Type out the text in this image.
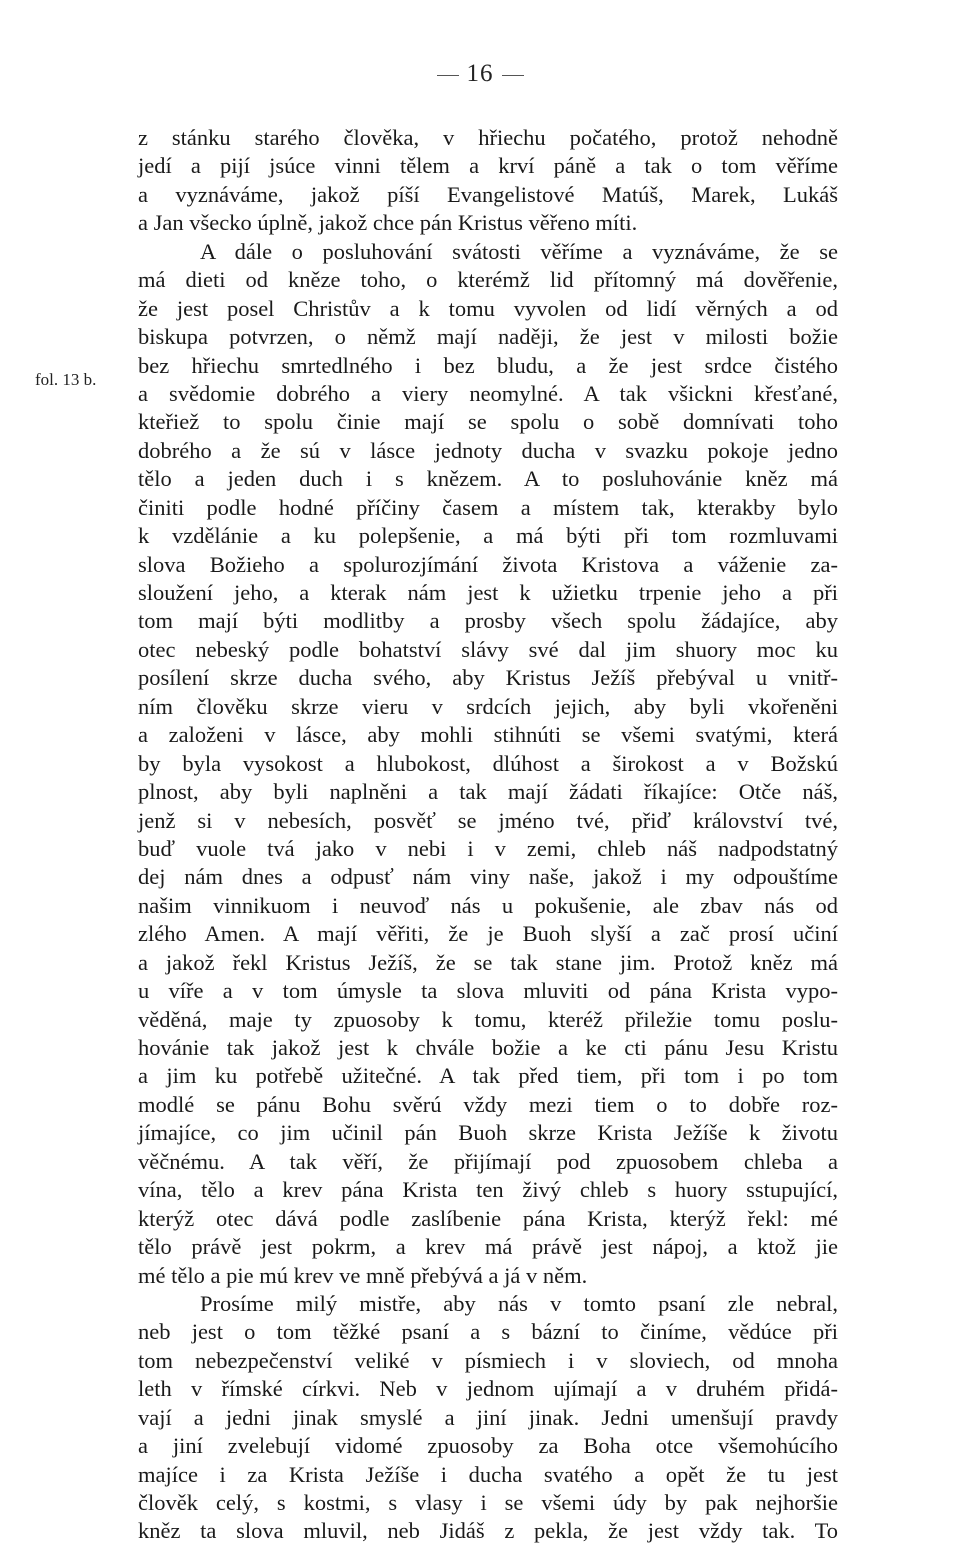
16
fol. 13 b.
z stánku starého člověka, v hřiechu počatého, protož nehodně
jedí a pijí jsúce vinni tělem a krví páně a tak o tom věříme
a vyznáváme, jakož píší Evangelistové Matúš, Marek, Lukáš
a Jan všecko úplně, jakož chce pán Kristus věřeno míti.
A dále o posluhování svátosti věříme a vyznáváme, že se
má dieti od kněze toho, o kterémž lid přítomný má dověřenie,
že jest posel Christův a k tomu vyvolen od lidí věrných a od
biskupa potvrzen, o němž mají naději, že jest v milosti božie
bez hřiechu smrtedlného i bez bludu, a že jest srdce čistého
a svědomie dobrého a viery neomylné. A tak všickni křesťané,
kteřiež to spolu činie mají se spolu o sobě domnívati toho
dobrého a že sú v lásce jednoty ducha v svazku pokoje jedno
tělo a jeden duch i s knězem. A to posluhovánie kněz má
činiti podle hodné příčiny časem a místem tak, kterakby bylo
k vzdělánie a ku polepšenie, a má býti při tom rozmluvami
slova Božieho a spolurozjímání života Kristova a váženie za-
sloužení jeho, a kterak nám jest k užietku trpenie jeho a při
tom mají býti modlitby a prosby všech spolu žádajíce, aby
otec nebeský podle bohatství slávy své dal jim shuory moc ku
posílení skrze ducha svého, aby Kristus Ježíš přebýval u vnitř-
ním člověku skrze vieru v srdcích jejich, aby byli vkořeněni
a založeni v lásce, aby mohli stihnúti se všemi svatými, která
by byla vysokost a hlubokost, dlúhost a širokost a v Božskú
plnost, aby byli naplněni a tak mají žádati říkajíce: Otče náš,
jenž si v nebesích, posvěť se jméno tvé, přiď království tvé,
buď vuole tvá jako v nebi i v zemi, chleb náš nadpodstatný
dej nám dnes a odpusť nám viny naše, jakož i my odpouštíme
našim vinnikuom i neuvoď nás u pokušenie, ale zbav nás od
zlého Amen. A mají věřiti, že je Buoh slyší a zač prosí učiní
a jakož řekl Kristus Ježíš, že se tak stane jim. Protož kněz má
u víře a v tom úmysle ta slova mluviti od pána Krista vypo-
věděná, maje ty zpuosoby k tomu, kteréž přiležie tomu poslu-
hovánie tak jakož jest k chvále božie a ke cti pánu Jesu Kristu
a jim ku potřebě užitečné. A tak před tiem, při tom i po tom
modlé se pánu Bohu svěrú vždy mezi tiem o to dobře roz-
jímajíce, co jim učinil pán Buoh skrze Krista Ježíše k životu
věčnému. A tak věří, že přijímají pod zpuosobem chleba a
vína, tělo a krev pána Krista ten živý chleb s huory sstupující,
kterýž otec dává podle zaslíbenie pána Krista, kterýž řekl: mé
tělo právě jest pokrm, a krev má právě jest nápoj, a ktož jie
mé tělo a pie mú krev ve mně přebývá a já v něm.
Prosíme milý mistře, aby nás v tomto psaní zle nebral,
neb jest o tom těžké psaní a s bázní to činíme, vědúce při
tom nebezpečenství veliké v písmiech i v sloviech, od mnoha
leth v římské církvi. Neb v jednom ujímají a v druhém přidá-
vají a jedni jinak smyslé a jiní jinak. Jedni umenšují pravdy
a jiní zvelebují vidomé zpuosoby za Boha otce všemohúcího
majíce i za Krista Ježíše i ducha svatého a opět že tu jest
člověk celý, s kostmi, s vlasy i se všemi údy by pak nejhoršie
kněz ta slova mluvil, neb Jidáš z pekla, že jest vždy tak. To
